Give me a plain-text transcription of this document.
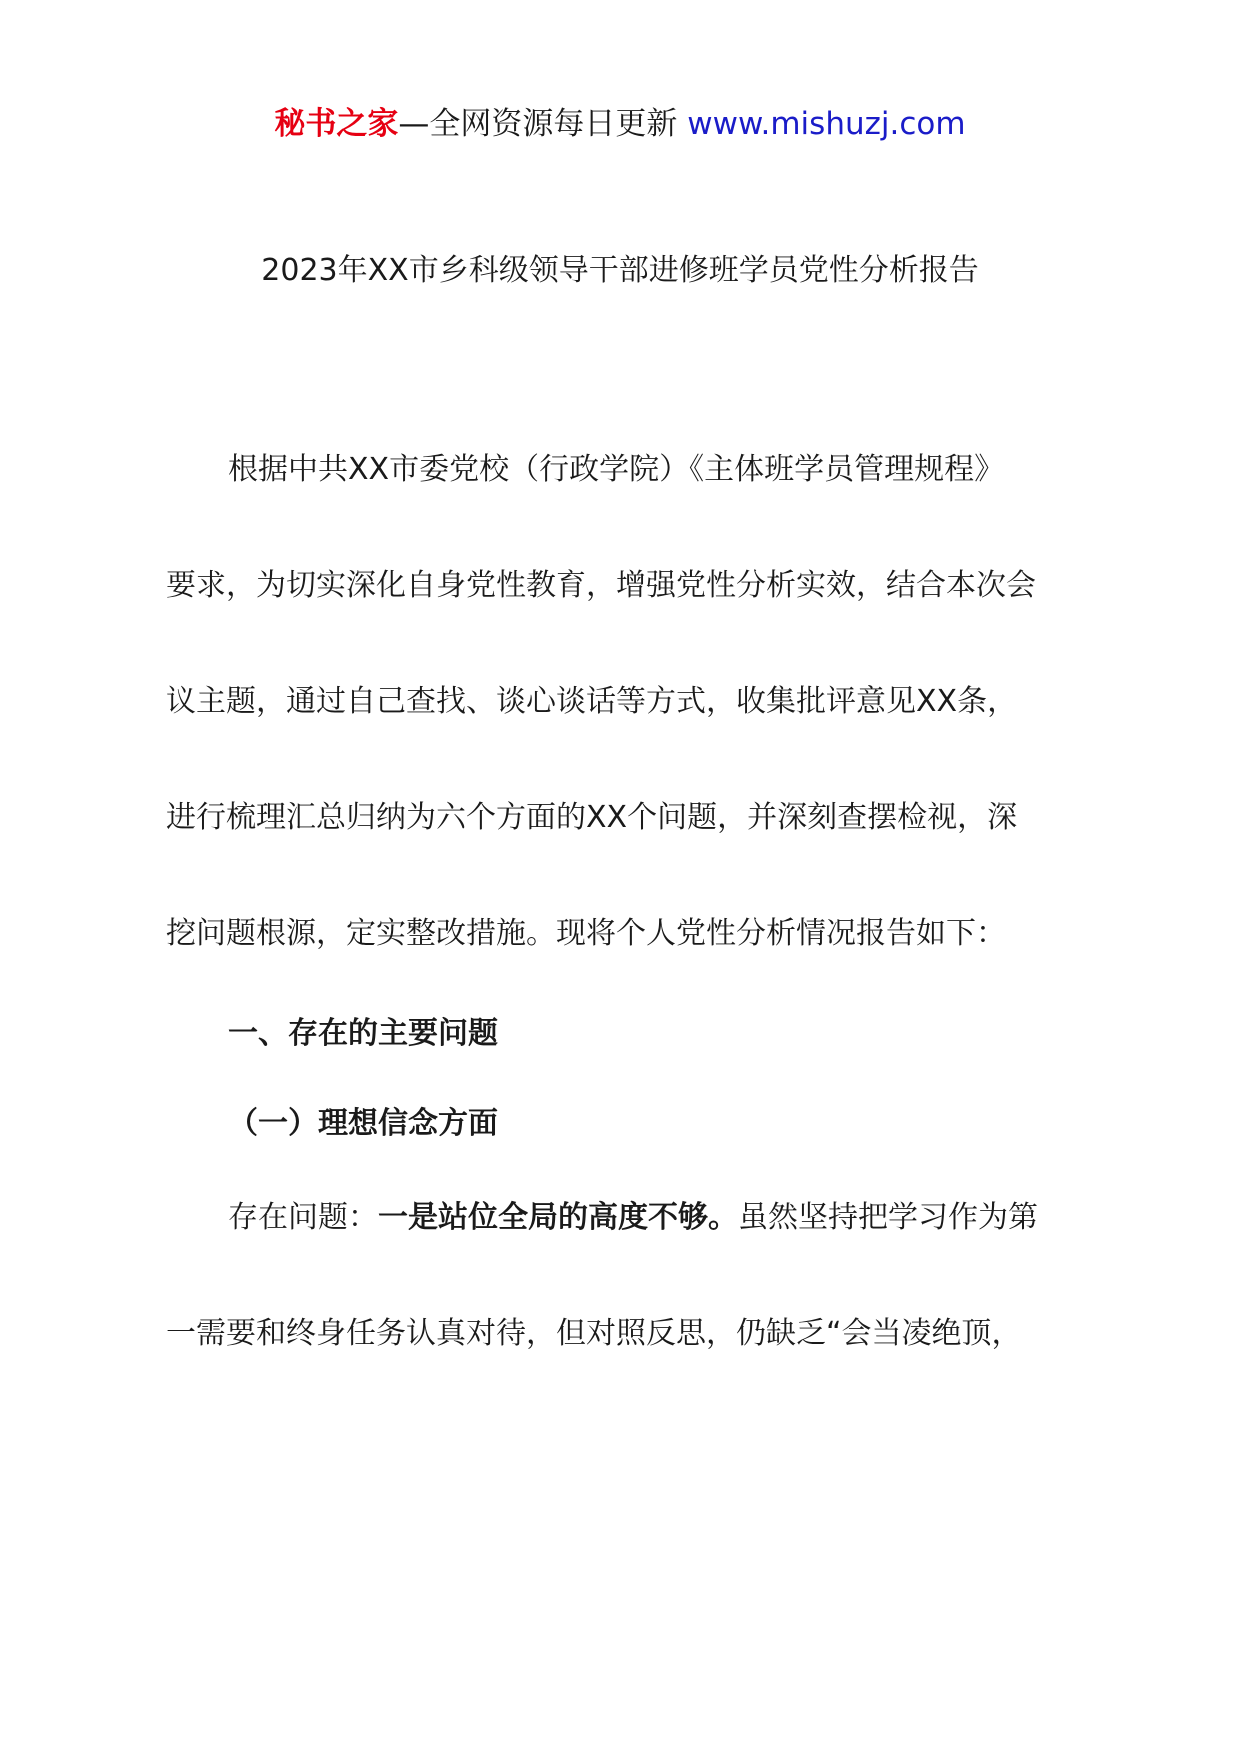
秘书之家—全网资源每日更新 www.mishuzj.com
2023年XX市乡科级领导干部进修班学员党性分析报告
根据中共XX市委党校（行政学院）《主体班学员管理规程》
要求，为切实深化自身党性教育，增强党性分析实效，结合本次会
议主题，通过自己查找、谈心谈话等方式，收集批评意见XX条，
进行梳理汇总归纳为六个方面的XX个问题，并深刻查摆检视，深
挖问题根源，定实整改措施。现将个人党性分析情况报告如下：
一、存在的主要问题
（一）理想信念方面
存在问题：一是站位全局的高度不够。虽然坚持把学习作为第
一需要和终身任务认真对待，但对照反思，仍缺乏“会当凌绝顶，
